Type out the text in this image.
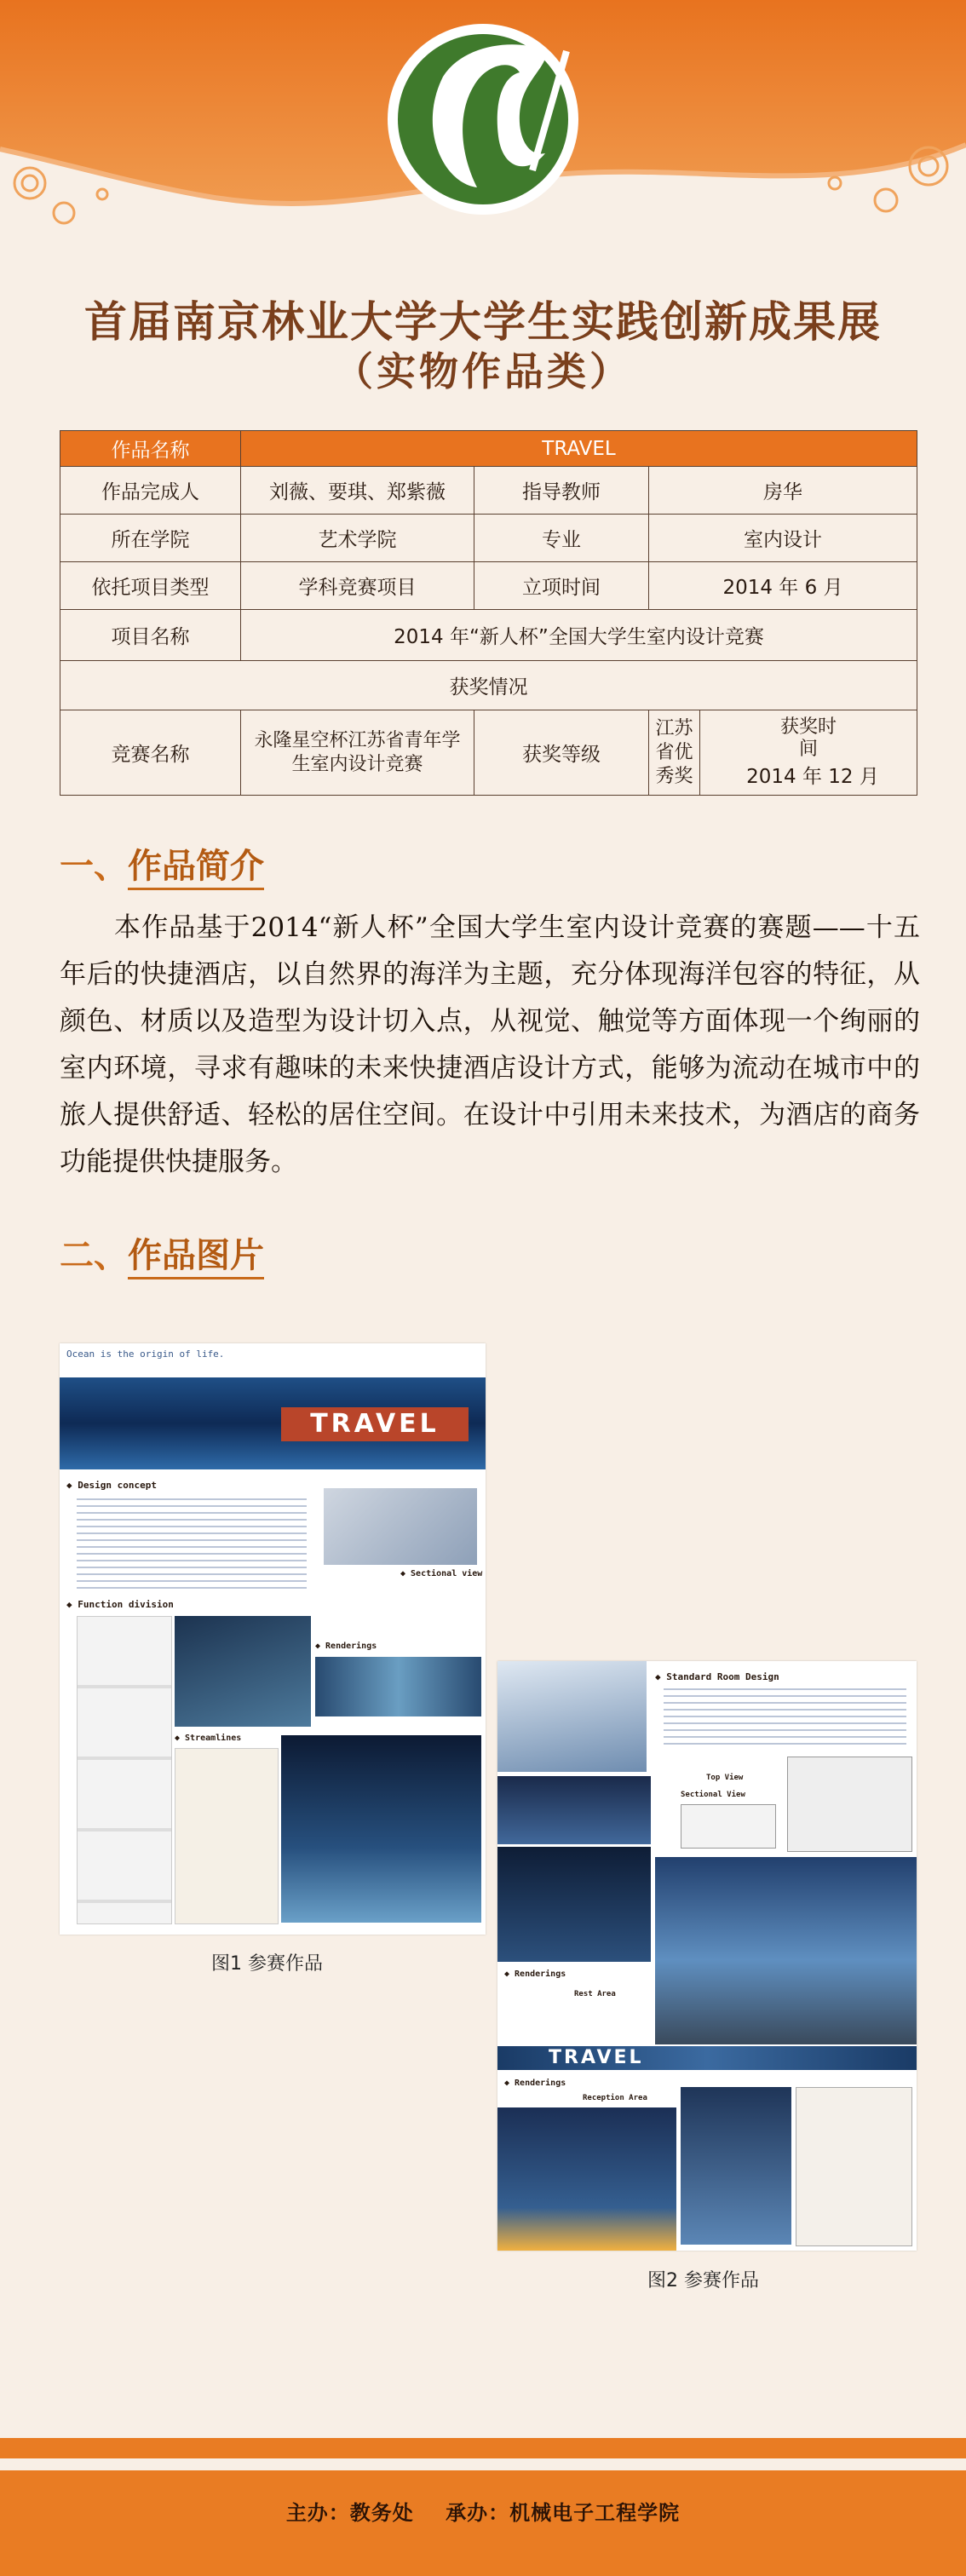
首届南京林业大学大学生实践创新成果展
（实物作品类）
作品名称	TRAVEL			
作品完成人	刘薇、要琪、郑紫薇	指导教师	房华	
所在学院	艺术学院	专业	室内设计	
依托项目类型	学科竞赛项目	立项时间	2014 年 6 月	
项目名称	2014 年“新人杯”全国大学生室内设计竞赛			
获奖情况				
竞赛名称	永隆星空杯江苏省青年学生室内设计竞赛	获奖等级	江苏省优秀奖	获奖时间 2014 年 12 月
一、作品简介
本作品基于2014“新人杯”全国大学生室内设计竞赛的赛题——十五年后的快捷酒店，以自然界的海洋为主题，充分体现海洋包容的特征，从颜色、材质以及造型为设计切入点，从视觉、触觉等方面体现一个绚丽的室内环境，寻求有趣味的未来快捷酒店设计方式，能够为流动在城市中的旅人提供舒适、轻松的居住空间。在设计中引用未来技术，为酒店的商务功能提供快捷服务。
二、作品图片
Ocean is the origin of life.
TRAVEL
◆ Design concept
◆ Sectional view
◆ Function division
◆ Renderings
◆ Streamlines
图1 参赛作品
◆ Standard Room Design
Top View
Sectional View
◆ Renderings
Rest Area
TRAVEL
◆ Renderings
Reception Area
图2 参赛作品
主办：教务处 承办：机械电子工程学院
